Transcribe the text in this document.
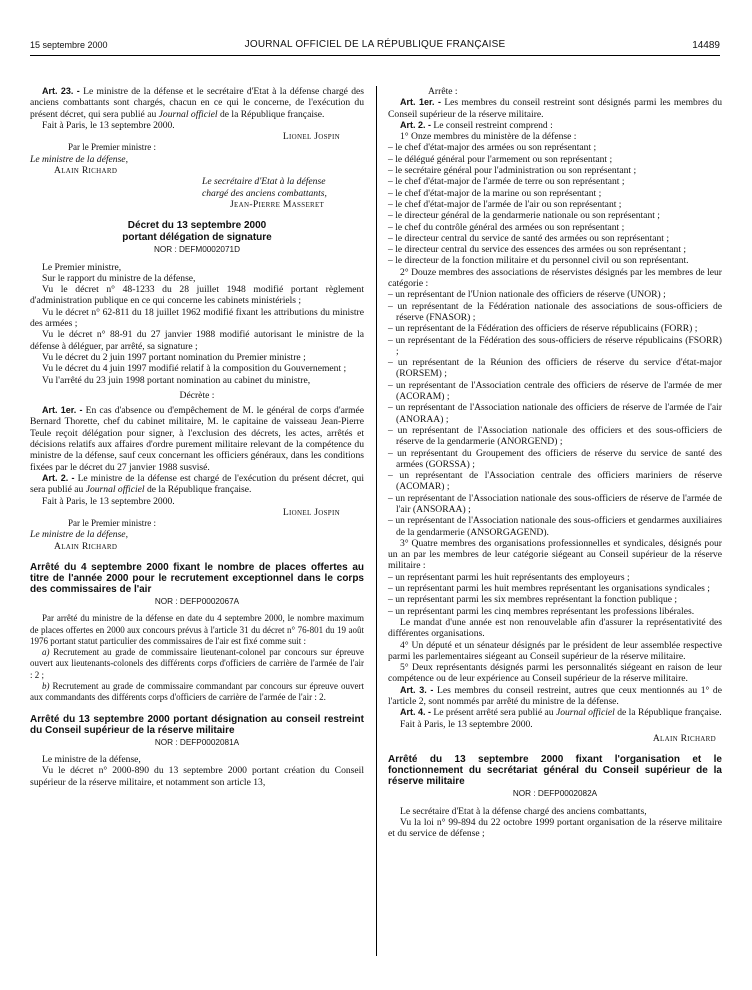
15 septembre 2000	JOURNAL OFFICIEL DE LA RÉPUBLIQUE FRANÇAISE	14489

Art. 23. - Le ministre de la défense et le secrétaire d'Etat à la défense chargé des anciens combattants sont chargés, chacun en ce qui le concerne, de l'exécution du présent décret, qui sera publié au Journal officiel de la République française.

Fait à Paris, le 13 septembre 2000.

Lionel Jospin

Par le Premier ministre :

Le ministre de la défense,

Alain Richard

Le secrétaire d'Etat à la défense

chargé des anciens combattants,

Jean-Pierre Masseret

Décret du 13 septembre 2000
portant délégation de signature
NOR : DEFM0002071D

Le Premier ministre,

Sur le rapport du ministre de la défense,

Vu le décret n° 48-1233 du 28 juillet 1948 modifié portant règlement d'administration publique en ce qui concerne les cabinets ministériels ;

Vu le décret n° 62-811 du 18 juillet 1962 modifié fixant les attributions du ministre des armées ;

Vu le décret n° 88-91 du 27 janvier 1988 modifié autorisant le ministre de la défense à déléguer, par arrêté, sa signature ;

Vu le décret du 2 juin 1997 portant nomination du Premier ministre ;

Vu le décret du 4 juin 1997 modifié relatif à la composition du Gouvernement ;

Vu l'arrêté du 23 juin 1998 portant nomination au cabinet du ministre,

Décrète :

Art. 1er. - En cas d'absence ou d'empêchement de M. le général de corps d'armée Bernard Thorette, chef du cabinet militaire, M. le capitaine de vaisseau Jean-Pierre Teule reçoit délégation pour signer, à l'exclusion des décrets, les actes, arrêtés et décisions relatifs aux affaires d'ordre purement militaire relevant de la compétence du ministre de la défense, sauf ceux concernant les officiers généraux, dans les conditions fixées par le décret du 27 janvier 1988 susvisé.

Art. 2. - Le ministre de la défense est chargé de l'exécution du présent décret, qui sera publié au Journal officiel de la République française.

Fait à Paris, le 13 septembre 2000.

Lionel Jospin

Par le Premier ministre :

Le ministre de la défense,

Alain Richard

Arrêté du 4 septembre 2000 fixant le nombre de places offertes au titre de l'année 2000 pour le recrutement exceptionnel dans le corps des commissaires de l'air
NOR : DEFP0002067A

Par arrêté du ministre de la défense en date du 4 septembre 2000, le nombre maximum de places offertes en 2000 aux concours prévus à l'article 31 du décret n° 76-801 du 19 août 1976 portant statut particulier des commissaires de l'air est fixé comme suit :

a) Recrutement au grade de commissaire lieutenant-colonel par concours sur épreuve ouvert aux lieutenants-colonels des différents corps d'officiers de carrière de l'armée de l'air : 2 ;

b) Recrutement au grade de commissaire commandant par concours sur épreuve ouvert aux commandants des différents corps d'officiers de carrière de l'armée de l'air : 2.

Arrêté du 13 septembre 2000 portant désignation au conseil restreint du Conseil supérieur de la réserve militaire
NOR : DEFP0002081A

Le ministre de la défense,

Vu le décret n° 2000-890 du 13 septembre 2000 portant création du Conseil supérieur de la réserve militaire, et notamment son article 13,

Arrête :

Art. 1er. - Les membres du conseil restreint sont désignés parmi les membres du Conseil supérieur de la réserve militaire.

Art. 2. - Le conseil restreint comprend :

1° Onze membres du ministère de la défense :

– le chef d'état-major des armées ou son représentant ;

– le délégué général pour l'armement ou son représentant ;

– le secrétaire général pour l'administration ou son représentant ;

– le chef d'état-major de l'armée de terre ou son représentant ;

– le chef d'état-major de la marine ou son représentant ;

– le chef d'état-major de l'armée de l'air ou son représentant ;

– le directeur général de la gendarmerie nationale ou son représentant ;

– le chef du contrôle général des armées ou son représentant ;

– le directeur central du service de santé des armées ou son représentant ;

– le directeur central du service des essences des armées ou son représentant ;

– le directeur de la fonction militaire et du personnel civil ou son représentant.

2° Douze membres des associations de réservistes désignés par les membres de leur catégorie :

– un représentant de l'Union nationale des officiers de réserve (UNOR) ;

– un représentant de la Fédération nationale des associations de sous-officiers de réserve (FNASOR) ;

– un représentant de la Fédération des officiers de réserve républicains (FORR) ;

– un représentant de la Fédération des sous-officiers de réserve républicains (FSORR) ;

– un représentant de la Réunion des officiers de réserve du service d'état-major (RORSEM) ;

– un représentant de l'Association centrale des officiers de réserve de l'armée de mer (ACORAM) ;

– un représentant de l'Association nationale des officiers de réserve de l'armée de l'air (ANORAA) ;

– un représentant de l'Association nationale des officiers et des sous-officiers de réserve de la gendarmerie (ANORGEND) ;

– un représentant du Groupement des officiers de réserve du service de santé des armées (GORSSA) ;

– un représentant de l'Association centrale des officiers mariniers de réserve (ACOMAR) ;

– un représentant de l'Association nationale des sous-officiers de réserve de l'armée de l'air (ANSORAA) ;

– un représentant de l'Association nationale des sous-officiers et gendarmes auxiliaires de la gendarmerie (ANSORGAGEND).

3° Quatre membres des organisations professionnelles et syndicales, désignés pour un an par les membres de leur catégorie siégeant au Conseil supérieur de la réserve militaire :

– un représentant parmi les huit représentants des employeurs ;

– un représentant parmi les huit membres représentant les organisations syndicales ;

– un représentant parmi les six membres représentant la fonction publique ;

– un représentant parmi les cinq membres représentant les professions libérales.

Le mandat d'une année est non renouvelable afin d'assurer la représentativité des différentes organisations.

4° Un député et un sénateur désignés par le président de leur assemblée respective parmi les parlementaires siégeant au Conseil supérieur de la réserve militaire.

5° Deux représentants désignés parmi les personnalités siégeant en raison de leur compétence ou de leur expérience au Conseil supérieur de la réserve militaire.

Art. 3. - Les membres du conseil restreint, autres que ceux mentionnés au 1° de l'article 2, sont nommés par arrêté du ministre de la défense.

Art. 4. - Le présent arrêté sera publié au Journal officiel de la République française.

Fait à Paris, le 13 septembre 2000.

Alain Richard

Arrêté du 13 septembre 2000 fixant l'organisation et le fonctionnement du secrétariat général du Conseil supérieur de la réserve militaire
NOR : DEFP0002082A

Le secrétaire d'Etat à la défense chargé des anciens combattants,

Vu la loi n° 99-894 du 22 octobre 1999 portant organisation de la réserve militaire et du service de défense ;
